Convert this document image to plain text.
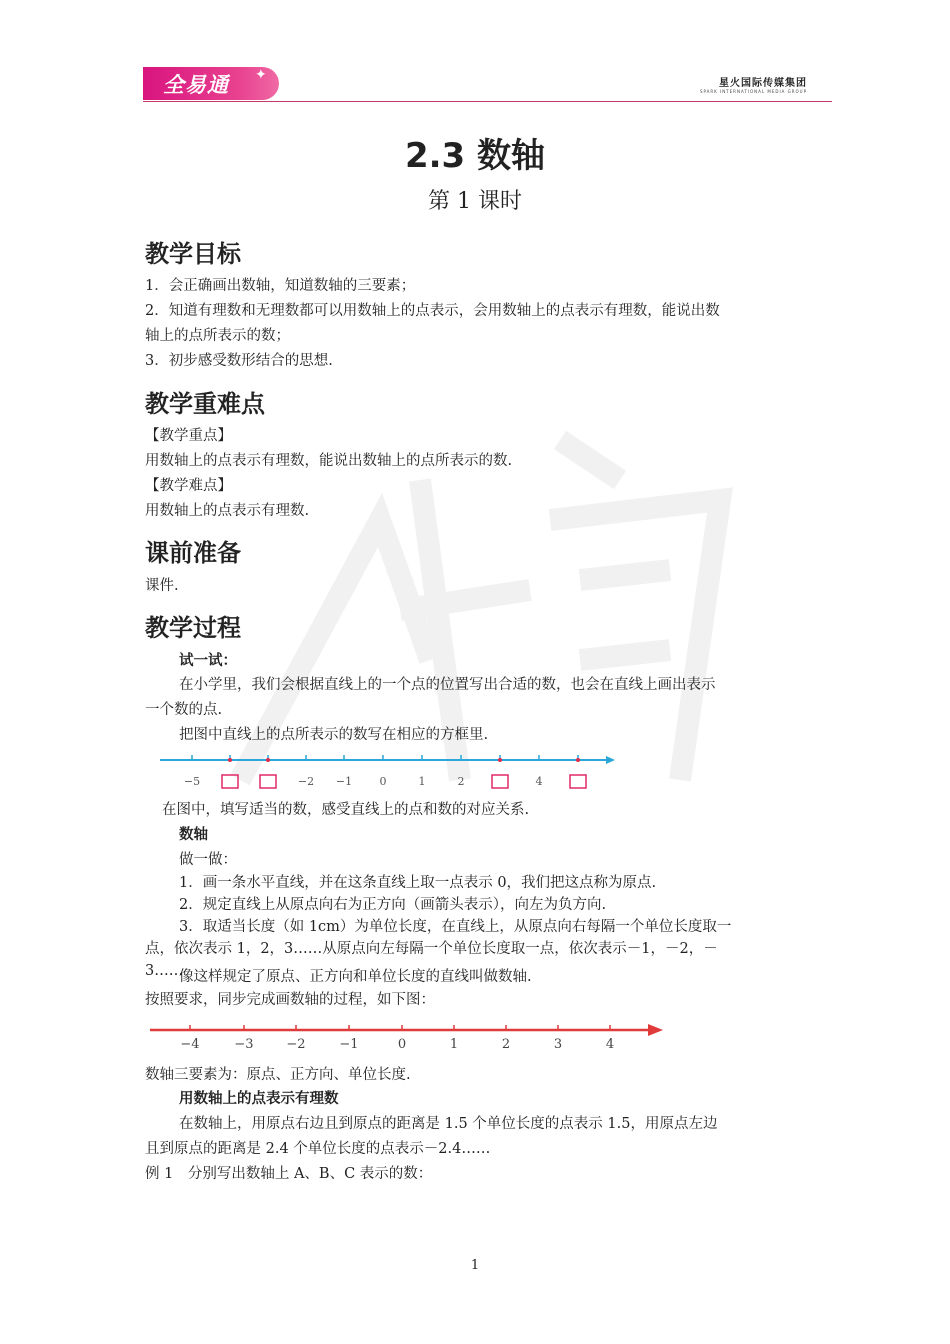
全易通 ✦
星火国际传媒集团
SPARK INTERNATIONAL MEDIA GROUP
2.3 数轴
第 1 课时
教学目标
1．会正确画出数轴，知道数轴的三要素；
2．知道有理数和无理数都可以用数轴上的点表示，会用数轴上的点表示有理数，能说出数
轴上的点所表示的数；
3．初步感受数形结合的思想.
教学重难点
【教学重点】
用数轴上的点表示有理数，能说出数轴上的点所表示的数.
【教学难点】
用数轴上的点表示有理数.
课前准备
课件.
教学过程
试一试：
在小学里，我们会根据直线上的一个点的位置写出合适的数，也会在直线上画出表示
一个数的点.
把图中直线上的点所表示的数写在相应的方框里.
−5	−2 −1 0	1	2	4
在图中，填写适当的数，感受直线上的点和数的对应关系.
数轴
做一做：
1．画一条水平直线，并在这条直线上取一点表示 0，我们把这点称为原点.
2．规定直线上从原点向右为正方向（画箭头表示），向左为负方向.
3．取适当长度（如 1cm）为单位长度，在直线上，从原点向右每隔一个单位长度取一
点，依次表示 1，2，3……从原点向左每隔一个单位长度取一点，依次表示－1，－2，－
3……
像这样规定了原点、正方向和单位长度的直线叫做数轴.
按照要求，同步完成画数轴的过程，如下图：
−4	−3	−2	−1	0	1	2	3	4
数轴三要素为：原点、正方向、单位长度.
用数轴上的点表示有理数
在数轴上，用原点右边且到原点的距离是 1.5 个单位长度的点表示 1.5，用原点左边
且到原点的距离是 2.4 个单位长度的点表示－2.4……
例 1　分别写出数轴上 A、B、C 表示的数：
1
